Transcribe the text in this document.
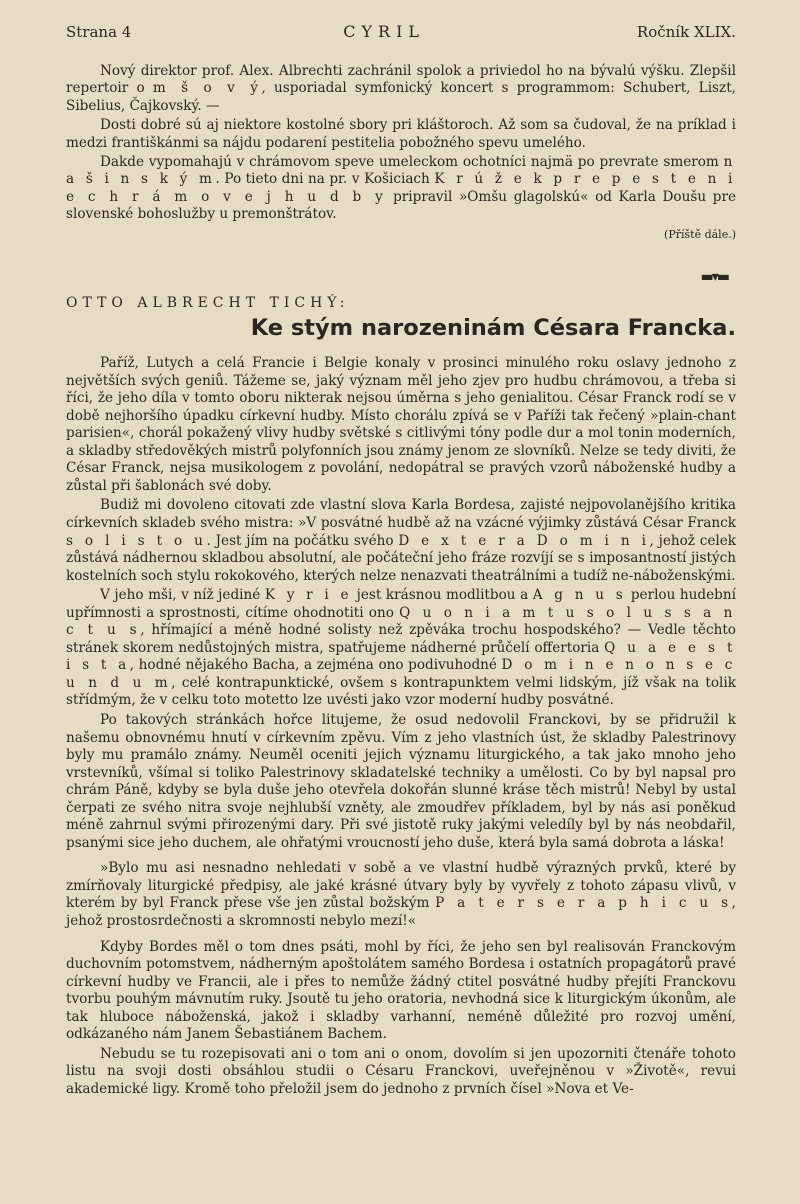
Strana 4	CYRIL	Ročník XLIX.

Nový direktor prof. Alex. Albrechti zachránil spolok a priviedol ho na bývalú výšku. Zlepšil repertoir o m š o v ý, usporiadal symfonický koncert s programmom: Schubert, Liszt, Sibelius, Čajkovský. —

Dosti dobré sú aj niektore kostolné sbory pri kláštoroch. Až som sa čudoval, že na príklad i medzi františkánmi sa nájdu podarení pestitelia pobožného spevu umelého.

Dakde vypomahajú v chrámovom speve umeleckom ochotníci najmä po prevrate smerom n a š i n s k ý m. Po tieto dni na pr. v Košiciach K r ú ž e k p r e p e s t e n i e c h r á m o v e j h u d b y pripravil »Omšu glagolskú« od Karla Doušu pre slovenské bohoslužby u premonštrátov.

(Příště dále.)
▬▾▬
OTTO ALBRECHT TICHÝ:
Ke stým narozeninám Césara Francka.

Paříž, Lutych a celá Francie i Belgie konaly v prosinci minulého roku oslavy jednoho z největších svých geniů. Tážeme se, jaký význam měl jeho zjev pro hudbu chrámovou, a třeba si říci, že jeho díla v tomto oboru nikterak nejsou úměrna s jeho genialitou. César Franck rodí se v době nejhoršího úpadku církevní hudby. Místo chorálu zpívá se v Paříži tak řečený »plain-chant parisien«, chorál pokažený vlivy hudby světské s citlivými tóny podle dur a mol tonin moderních, a skladby středověkých mistrů polyfonních jsou známy jenom ze slovníků. Nelze se tedy diviti, že César Franck, nejsa musikologem z povolání, nedopátral se pravých vzorů náboženské hudby a zůstal při šablonách své doby.

Budiž mi dovoleno citovati zde vlastní slova Karla Bordesa, zajisté nejpovolanějšího kritika církevních skladeb svého mistra: »V posvátné hudbě až na vzácné výjimky zůstává César Franck s o l i s t o u. Jest jím na počátku svého D e x t e r a D o m i n i, jehož celek zůstává nádhernou skladbou absolutní, ale počáteční jeho fráze rozvíjí se s imposantností jistých kostelních soch stylu rokokového, kterých nelze nenazvati theatrálními a tudíž ne-náboženskými.

V jeho mši, v níž jediné K y r i e jest krásnou modlitbou a A g n u s perlou hudební upřímnosti a sprostnosti, cítíme ohodnotiti ono Q u o n i a m t u s o l u s s a n c t u s, hřímající a méně hodné solisty než zpěváka trochu hospodského? — Vedle těchto stránek skorem nedůstojných mistra, spatřujeme nádherné průčelí offertoria Q u a e e s t i s t a, hodné nějakého Bacha, a zejména ono podivuhodné D o m i n e n o n s e c u n d u m, celé kontrapunktické, ovšem s kontrapunktem velmi lidským, jíž však na tolik střídmým, že v celku toto motetto lze uvésti jako vzor moderní hudby posvátné.

Po takových stránkách hořce litujeme, že osud nedovolil Franckovi, by se přidružil k našemu obnovnému hnutí v církevním zpěvu. Vím z jeho vlastních úst, že skladby Palestrinovy byly mu pramálo známy. Neuměl oceniti jejich významu liturgického, a tak jako mnoho jeho vrstevníků, všímal si toliko Palestrinovy skladatelské techniky a umělosti. Co by byl napsal pro chrám Páně, kdyby se byla duše jeho otevřela dokořán slunné kráse těch mistrů! Nebyl by ustal čerpati ze svého nitra svoje nejhlubší vzněty, ale zmoudřev příkladem, byl by nás asi poněkud méně zahrnul svými přirozenými dary. Při své jistotě ruky jakými veledíly byl by nás neobdařil, psanými sice jeho duchem, ale ohřatými vroucností jeho duše, která byla samá dobrota a láska!

»Bylo mu asi nesnadno nehledati v sobě a ve vlastní hudbě výrazných prvků, které by zmírňovaly liturgické předpisy, ale jaké krásné útvary byly by vyvřely z tohoto zápasu vlivů, v kterém by byl Franck přese vše jen zůstal božským P a t e r s e r a p h i c u s, jehož prostosrdečnosti a skromnosti nebylo mezí!«

Kdyby Bordes měl o tom dnes psáti, mohl by říci, že jeho sen byl realisován Franckovým duchovním potomstvem, nádherným apoštolátem samého Bordesa i ostatních propagátorů pravé církevní hudby ve Francii, ale i přes to nemůže žádný ctitel posvátné hudby přejíti Franckovu tvorbu pouhým mávnutím ruky. Jsoutě tu jeho oratoria, nevhodná sice k liturgickým úkonům, ale tak hluboce náboženská, jakož i skladby varhanní, neméně důležité pro rozvoj umění, odkázaného nám Janem Šebastiánem Bachem.

Nebudu se tu rozepisovati ani o tom ani o onom, dovolím si jen upozorniti čtenáře tohoto listu na svoji dosti obsáhlou studii o Césaru Franckovi, uveřejněnou v »Životě«, revui akademické ligy. Kromě toho přeložil jsem do jednoho z prvních čísel »Nova et Ve-
